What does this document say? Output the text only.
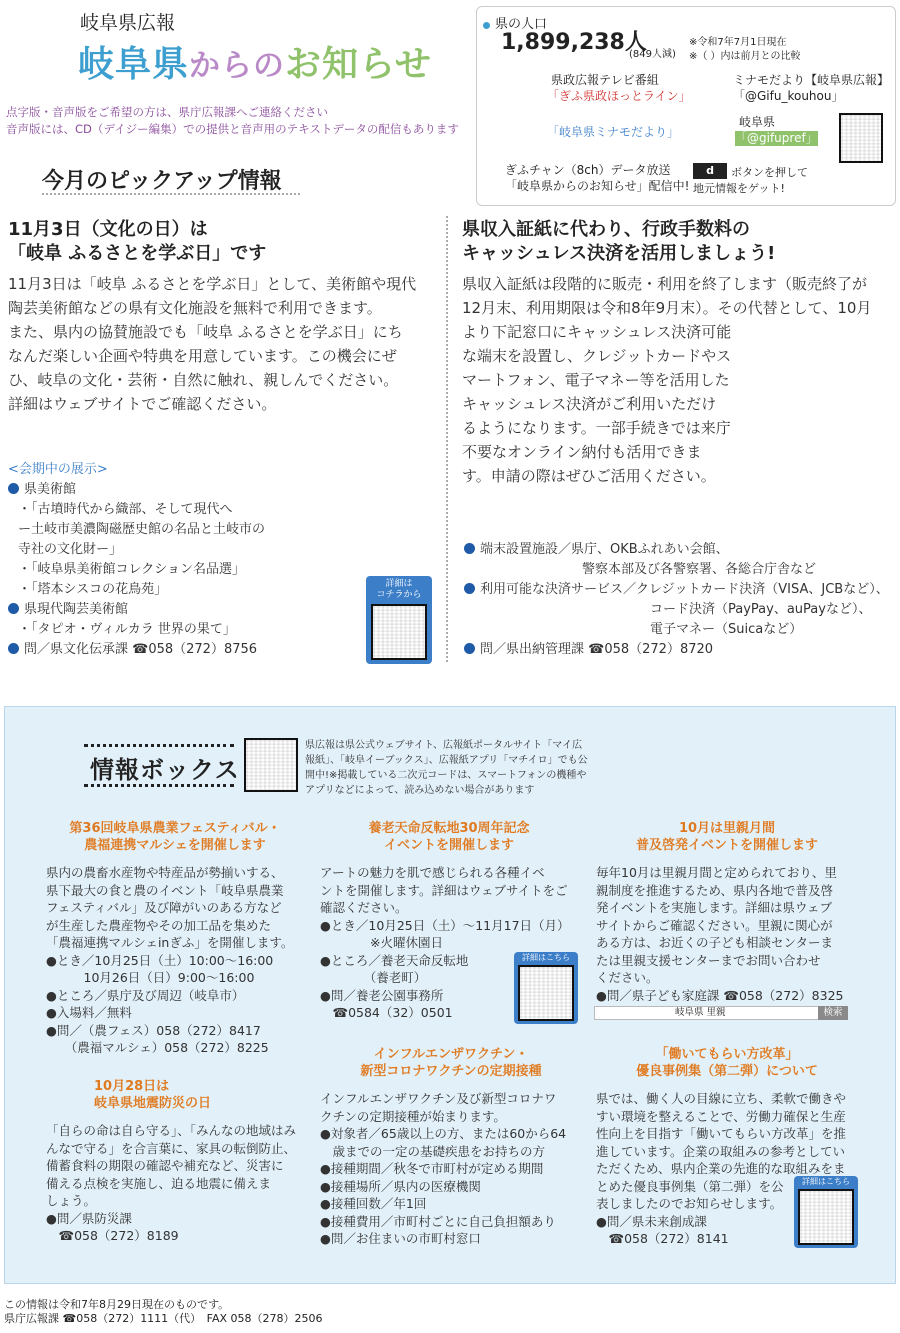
岐阜県広報
岐阜県からのお知らせ
点字版・音声版をご希望の方は、県庁広報課へご連絡ください
音声版には、CD（デイジー編集）での提供と音声用のテキストデータの配信もあります
今月のピックアップ情報
県の人口
1,899,238人
(849人減)
※令和7年7月1日現在
※（ ）内は前月との比較
県政広報テレビ番組
「ぎふ県政ほっとライン」
ミナモだより【岐阜県広報】
「@Gifu_kouhou」
「岐阜県ミナモだより」
岐阜県
「@gifupref」
ぎふチャン（8ch）データ放送
「岐阜県からのお知らせ」配信中!
d	ボタンを押して
地元情報をゲット!
11月3日（文化の日）は
「岐阜 ふるさとを学ぶ日」です
11月3日は「岐阜 ふるさとを学ぶ日」として、美術館や現代
陶芸美術館などの県有文化施設を無料で利用できます。
また、県内の協賛施設でも「岐阜 ふるさとを学ぶ日」にち
なんだ楽しい企画や特典を用意しています。この機会にぜ
ひ、岐阜の文化・芸術・自然に触れ、親しんでください。
詳細はウェブサイトでご確認ください。
<会期中の展示>
県美術館
・「古墳時代から織部、そして現代へ
ー土岐市美濃陶磁歴史館の名品と土岐市の
寺社の文化財ー」
・「岐阜県美術館コレクション名品選」
・「塔本シスコの花鳥苑」
県現代陶芸美術館
・「タピオ・ヴィルカラ 世界の果て」
問／県文化伝承課 ☎058（272）8756
詳細は
コチラから
県収入証紙に代わり、行政手数料の
キャッシュレス決済を活用しましょう!
県収入証紙は段階的に販売・利用を終了します（販売終了が
12月末、利用期限は令和8年9月末）。その代替として、10月
より下記窓口にキャッシュレス決済可能
な端末を設置し、クレジットカードやス
マートフォン、電子マネー等を活用した
キャッシュレス決済がご利用いただけ
るようになります。一部手続きでは来庁
不要なオンライン納付も活用できま
す。申請の際はぜひご活用ください。
端末設置施設／県庁、OKBふれあい会館、
警察本部及び各警察署、各総合庁舎など
利用可能な決済サービス／クレジットカード決済（VISA、JCBなど）、
コード決済（PayPay、auPayなど）、
電子マネー（Suicaなど）
問／県出納管理課 ☎058（272）8720
情報ボックス
県広報は県公式ウェブサイト、広報紙ポータルサイト「マイ広報紙」、「岐阜イーブックス」、広報紙アプリ「マチイロ」でも公開中!※掲載している二次元コードは、スマートフォンの機種やアプリなどによって、読み込めない場合があります
第36回岐阜県農業フェスティバル・
農福連携マルシェを開催します
県内の農畜水産物や特産品が勢揃いする、
県下最大の食と農のイベント「岐阜県農業
フェスティバル」及び障がいのある方など
が生産した農産物やその加工品を集めた
「農福連携マルシェinぎふ」を開催します。
●とき／10月25日（土）10:00～16:00
　　　10月26日（日）9:00～16:00
●ところ／県庁及び周辺（岐阜市）
●入場料／無料
●問／（農フェス）058（272）8417
　　（農福マルシェ）058（272）8225
10月28日は
岐阜県地震防災の日
「自らの命は自ら守る」、「みんなの地域はみ
んなで守る」を合言葉に、家具の転倒防止、
備蓄食料の期限の確認や補充など、災害に
備える点検を実施し、迫る地震に備えま
しょう。
●問／県防災課
　☎058（272）8189
養老天命反転地30周年記念
イベントを開催します
アートの魅力を肌で感じられる各種イベ
ントを開催します。詳細はウェブサイトをご
確認ください。
●とき／10月25日（土）～11月17日（月）
　　　　※火曜休園日
●ところ／養老天命反転地
　　　　（養老町）
●問／養老公園事務所
　☎0584（32）0501
詳細はこちら
インフルエンザワクチン・
新型コロナワクチンの定期接種
インフルエンザワクチン及び新型コロナワ
クチンの定期接種が始まります。
●対象者／65歳以上の方、または60から64
　歳までの一定の基礎疾患をお持ちの方
●接種期間／秋冬で市町村が定める期間
●接種場所／県内の医療機関
●接種回数／年1回
●接種費用／市町村ごとに自己負担額あり
●問／お住まいの市町村窓口
10月は里親月間
普及啓発イベントを開催します
毎年10月は里親月間と定められており、里
親制度を推進するため、県内各地で普及啓
発イベントを実施します。詳細は県ウェブ
サイトからご確認ください。里親に関心が
ある方は、お近くの子ども相談センターま
たは里親支援センターまでお問い合わせ
ください。
●問／県子ども家庭課 ☎058（272）8325
岐阜県 里親	検索
「働いてもらい方改革」
優良事例集（第二弾）について
県では、働く人の目線に立ち、柔軟で働きや
すい環境を整えることで、労働力確保と生産
性向上を目指す「働いてもらい方改革」を推
進しています。企業の取組みの参考としてい
ただくため、県内企業の先進的な取組みをま
とめた優良事例集（第二弾）を公
表しましたのでお知らせします。
●問／県未来創成課
　☎058（272）8141
詳細はこちら
この情報は令和7年8月29日現在のものです。
県庁広報課 ☎058（272）1111（代）　FAX 058（278）2506
